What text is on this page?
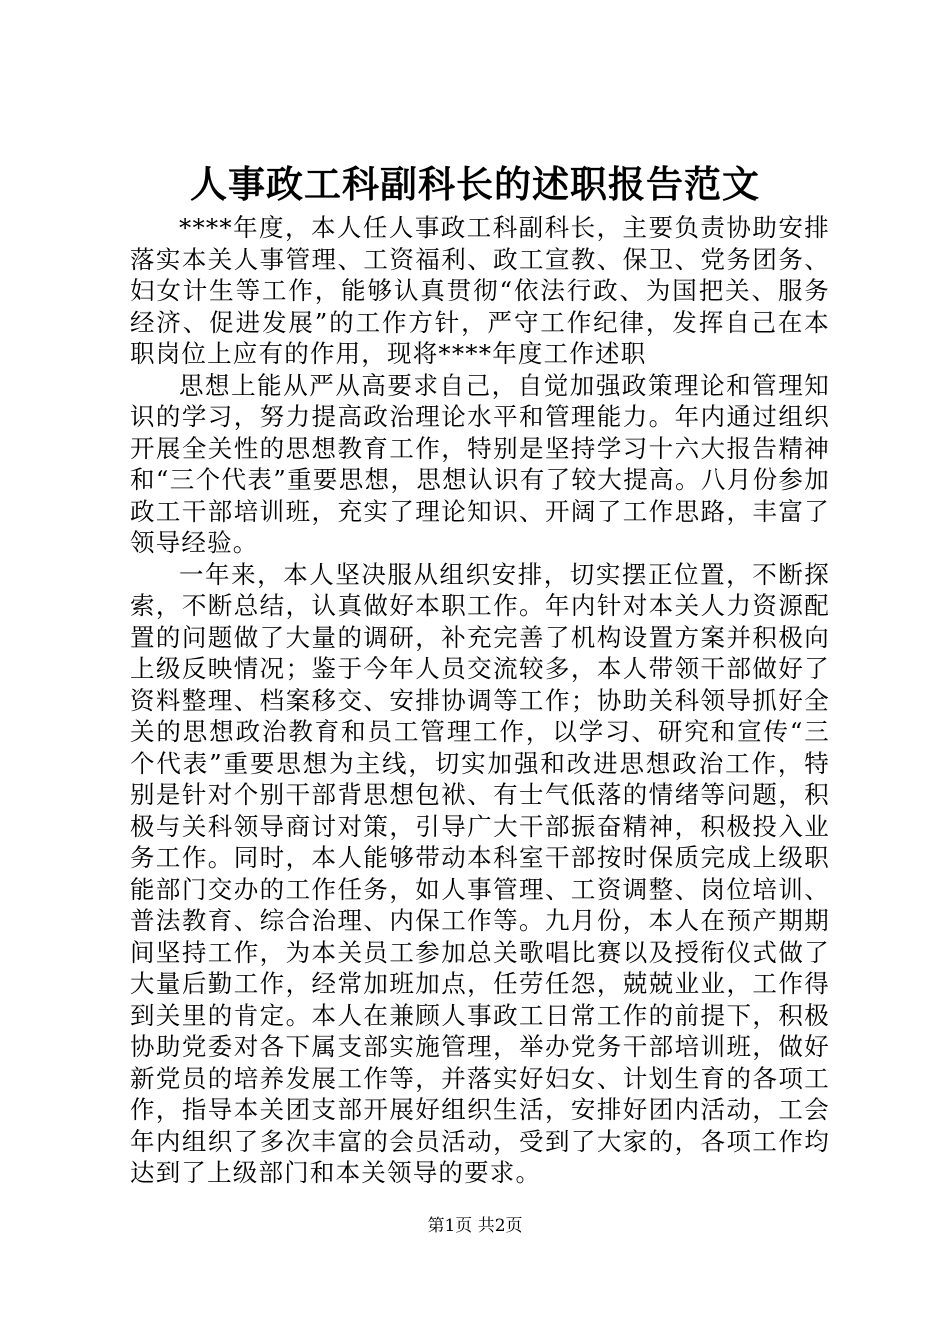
人事政工科副科长的述职报告范文

****年度，本人任人事政工科副科长，主要负责协助安排落实本关人事管理、工资福利、政工宣教、保卫、党务团务、妇女计生等工作，能够认真贯彻“依法行政、为国把关、服务经济、促进发展”的工作方针，严守工作纪律，发挥自己在本职岗位上应有的作用，现将****年度工作述职

思想上能从严从高要求自己，自觉加强政策理论和管理知识的学习，努力提高政治理论水平和管理能力。年内通过组织开展全关性的思想教育工作，特别是坚持学习十六大报告精神和“三个代表”重要思想，思想认识有了较大提高。八月份参加政工干部培训班，充实了理论知识、开阔了工作思路，丰富了领导经验。

一年来，本人坚决服从组织安排，切实摆正位置，不断探索，不断总结，认真做好本职工作。年内针对本关人力资源配置的问题做了大量的调研，补充完善了机构设置方案并积极向上级反映情况；鉴于今年人员交流较多，本人带领干部做好了资料整理、档案移交、安排协调等工作；协助关科领导抓好全关的思想政治教育和员工管理工作，以学习、研究和宣传“三个代表”重要思想为主线，切实加强和改进思想政治工作，特别是针对个别干部背思想包袱、有士气低落的情绪等问题，积极与关科领导商讨对策，引导广大干部振奋精神，积极投入业务工作。同时，本人能够带动本科室干部按时保质完成上级职能部门交办的工作任务，如人事管理、工资调整、岗位培训、普法教育、综合治理、内保工作等。九月份，本人在预产期期间坚持工作，为本关员工参加总关歌唱比赛以及授衔仪式做了大量后勤工作，经常加班加点，任劳任怨，兢兢业业，工作得到关里的肯定。本人在兼顾人事政工日常工作的前提下，积极协助党委对各下属支部实施管理，举办党务干部培训班，做好新党员的培养发展工作等，并落实好妇女、计划生育的各项工作，指导本关团支部开展好组织生活，安排好团内活动，工会年内组织了多次丰富的会员活动，受到了大家的，各项工作均达到了上级部门和本关领导的要求。

第1页 共2页
